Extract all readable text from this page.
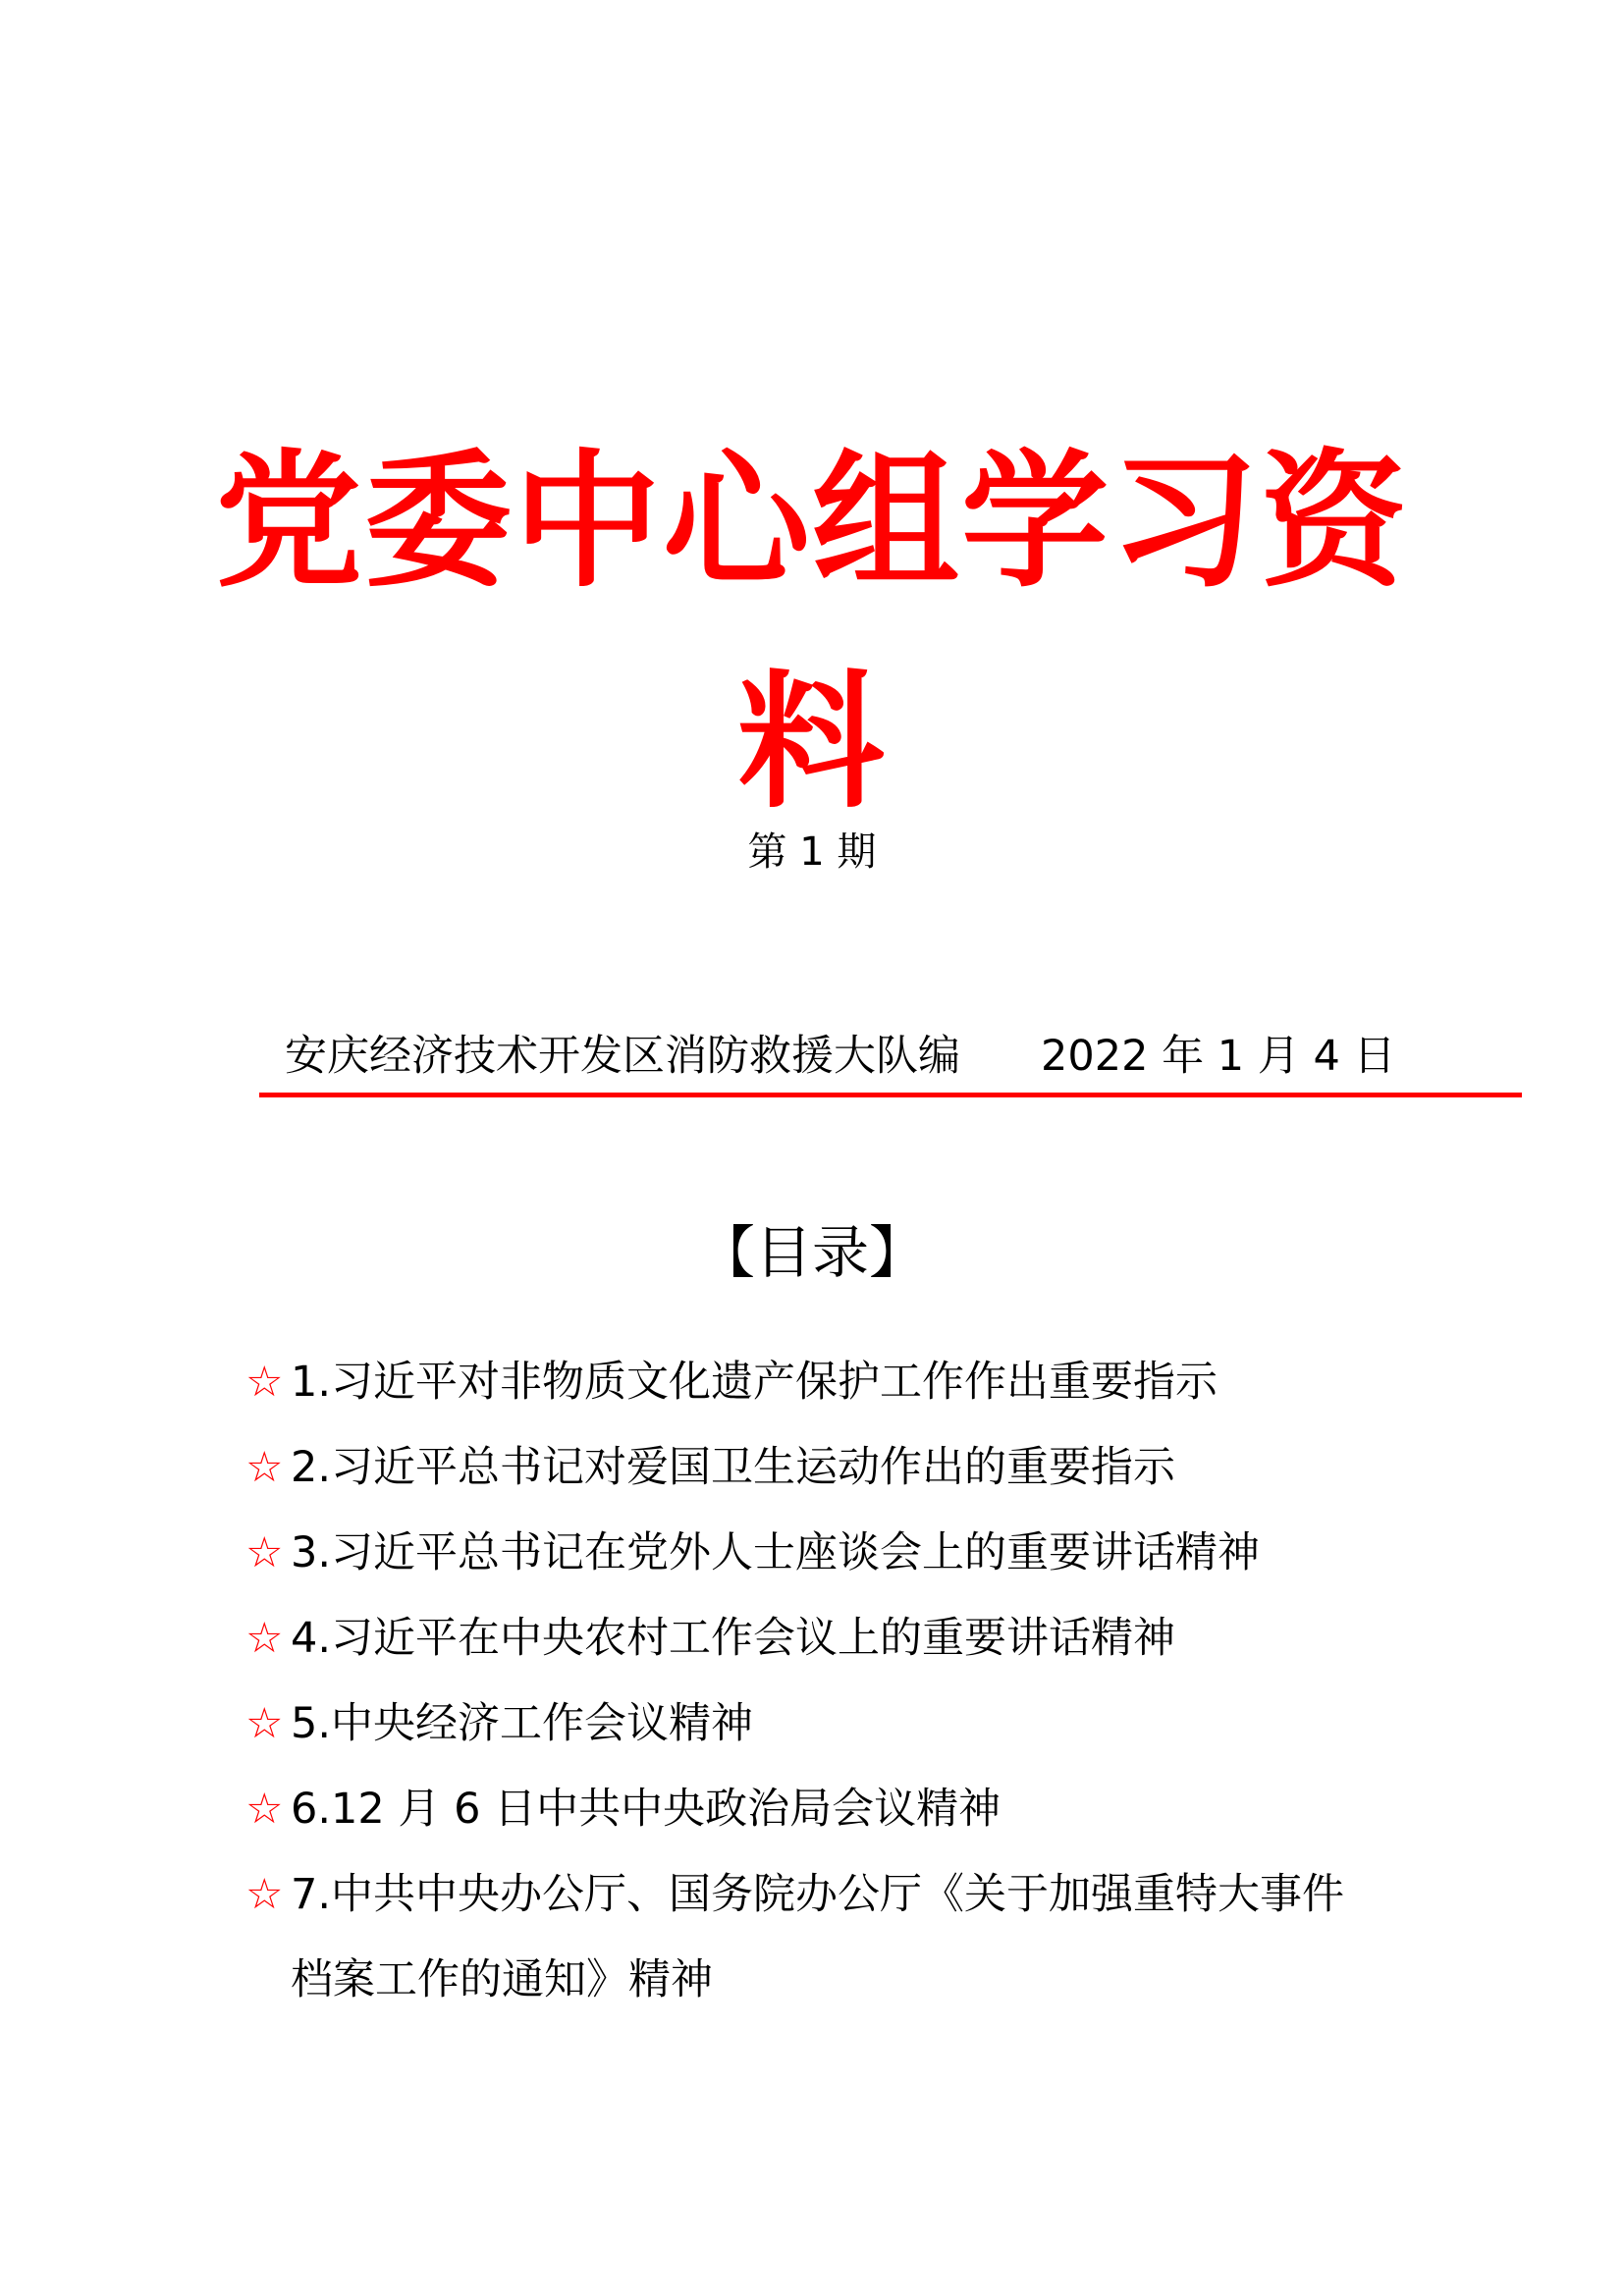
党委中心组学习资料
第 1 期
安庆经济技术开发区消防救援大队编 2022 年 1 月 4 日
【目录】
☆ 1.习近平对非物质文化遗产保护工作作出重要指示
☆ 2.习近平总书记对爱国卫生运动作出的重要指示
☆ 3.习近平总书记在党外人士座谈会上的重要讲话精神
☆ 4.习近平在中央农村工作会议上的重要讲话精神
☆ 5.中央经济工作会议精神
☆ 6.12 月 6 日中共中央政治局会议精神
☆ 7.中共中央办公厅、国务院办公厅《关于加强重特大事件档案工作的通知》精神
